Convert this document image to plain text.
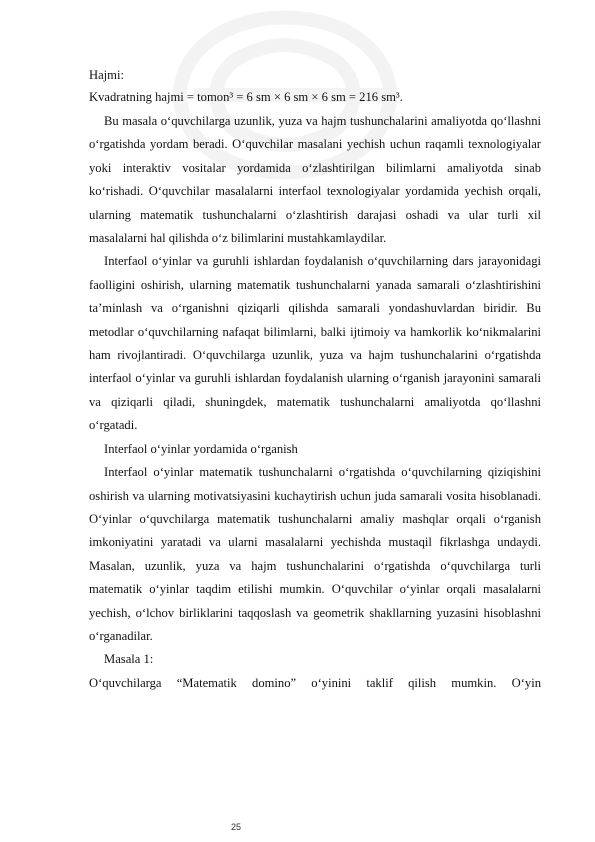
Hajmi:

Kvadratning hajmi = tomon³ = 6 sm × 6 sm × 6 sm = 216 sm³.

Bu masala o‘quvchilarga uzunlik, yuza va hajm tushunchalarini amaliyotda qo‘llashni o‘rgatishda yordam beradi. O‘quvchilar masalani yechish uchun raqamli texnologiyalar yoki interaktiv vositalar yordamida o‘zlashtirilgan bilimlarni amaliyotda sinab ko‘rishadi. O‘quvchilar masalalarni interfaol texnologiyalar yordamida yechish orqali, ularning matematik tushunchalarni o‘zlashtirish darajasi oshadi va ular turli xil masalalarni hal qilishda o‘z bilimlarini mustahkamlaydilar.

Interfaol o‘yinlar va guruhli ishlardan foydalanish o‘quvchilarning dars jarayonidagi faolligini oshirish, ularning matematik tushunchalarni yanada samarali o‘zlashtirishini ta’minlash va o‘rganishni qiziqarli qilishda samarali yondashuvlardan biridir. Bu metodlar o‘quvchilarning nafaqat bilimlarni, balki ijtimoiy va hamkorlik ko‘nikmalarini ham rivojlantiradi. O‘quvchilarga uzunlik, yuza va hajm tushunchalarini o‘rgatishda interfaol o‘yinlar va guruhli ishlardan foydalanish ularning o‘rganish jarayonini samarali va qiziqarli qiladi, shuningdek, matematik tushunchalarni amaliyotda qo‘llashni o‘rgatadi.

Interfaol o‘yinlar yordamida o‘rganish

Interfaol o‘yinlar matematik tushunchalarni o‘rgatishda o‘quvchilarning qiziqishini oshirish va ularning motivatsiyasini kuchaytirish uchun juda samarali vosita hisoblanadi. O‘yinlar o‘quvchilarga matematik tushunchalarni amaliy mashqlar orqali o‘rganish imkoniyatini yaratadi va ularni masalalarni yechishda mustaqil fikrlashga undaydi. Masalan, uzunlik, yuza va hajm tushunchalarini o‘rgatishda o‘quvchilarga turli matematik o‘yinlar taqdim etilishi mumkin. O‘quvchilar o‘yinlar orqali masalalarni yechish, o‘lchov birliklarini taqqoslash va geometrik shakllarning yuzasini hisoblashni o‘rganadilar.

Masala 1:

O‘quvchilarga “Matematik domino” o‘yinini taklif qilish mumkin. O‘yin

25
